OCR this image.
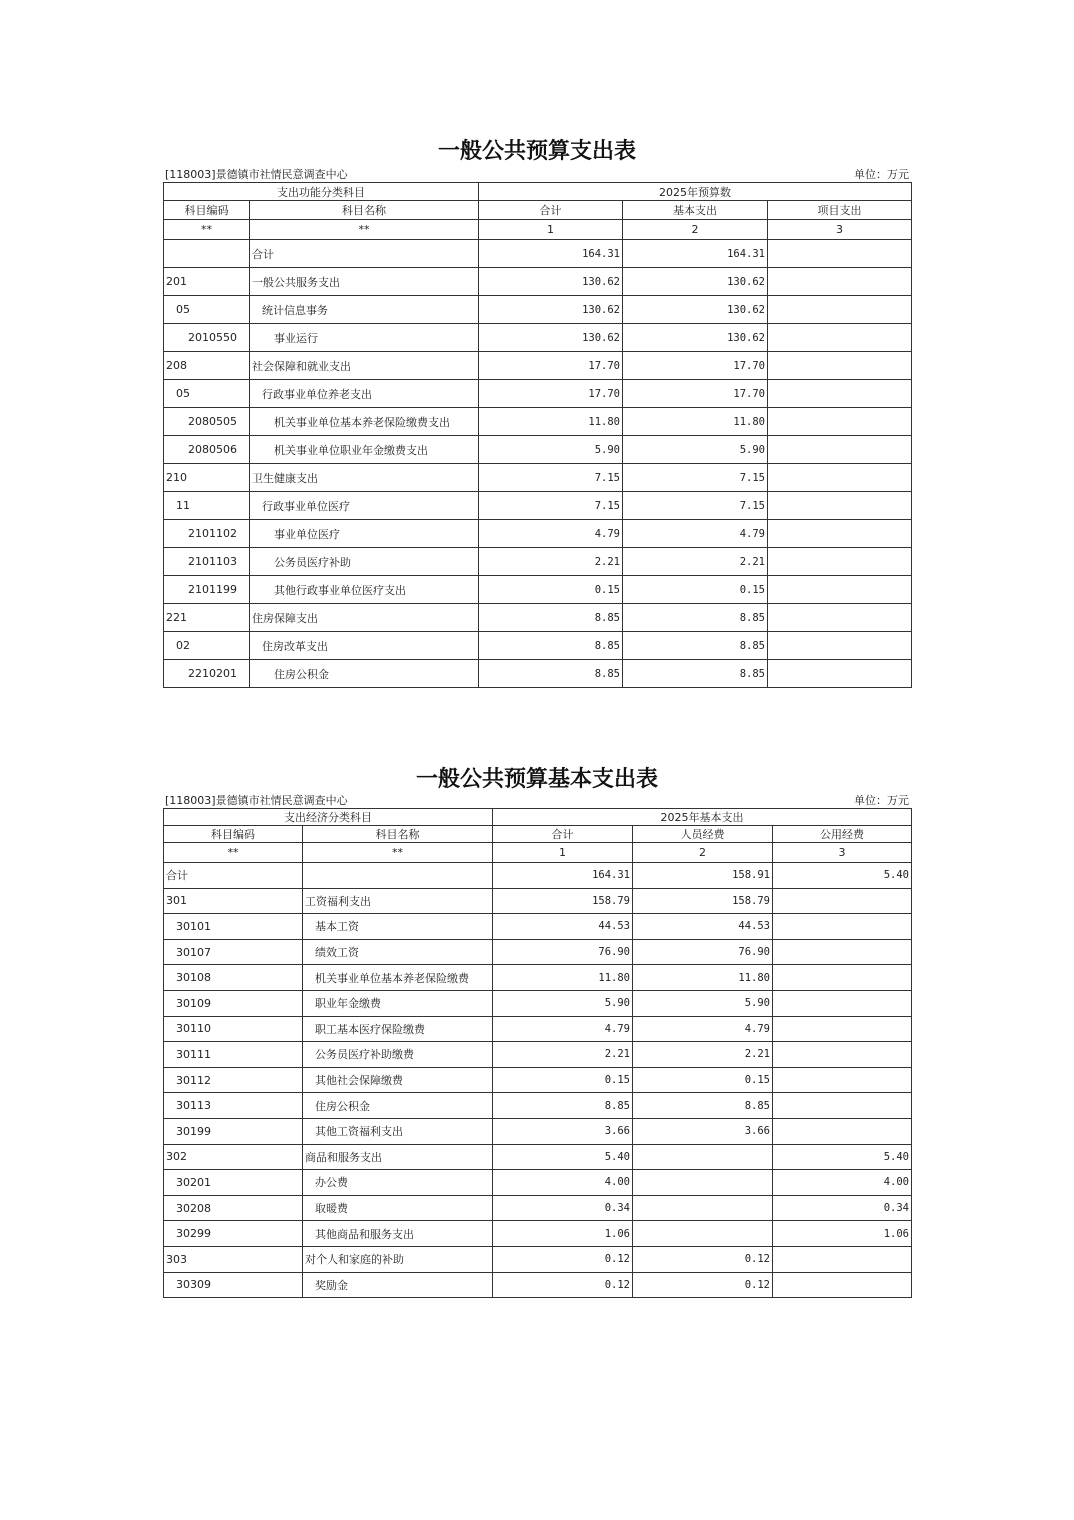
一般公共预算支出表
[118003]景德镇市社情民意调查中心	单位：万元
支出功能分类科目		2025年预算数		
科目编码	科目名称	合计	基本支出	项目支出
**	**	1	2	3
	合计	164.31	164.31	
201	一般公共服务支出	130.62	130.62	
05	统计信息事务	130.62	130.62	
2010550	事业运行	130.62	130.62	
208	社会保障和就业支出	17.70	17.70	
05	行政事业单位养老支出	17.70	17.70	
2080505	机关事业单位基本养老保险缴费支出	11.80	11.80	
2080506	机关事业单位职业年金缴费支出	5.90	5.90	
210	卫生健康支出	7.15	7.15	
11	行政事业单位医疗	7.15	7.15	
2101102	事业单位医疗	4.79	4.79	
2101103	公务员医疗补助	2.21	2.21	
2101199	其他行政事业单位医疗支出	0.15	0.15	
221	住房保障支出	8.85	8.85	
02	住房改革支出	8.85	8.85	
2210201	住房公积金	8.85	8.85	
一般公共预算基本支出表
[118003]景德镇市社情民意调查中心	单位：万元
支出经济分类科目		2025年基本支出		
科目编码	科目名称	合计	人员经费	公用经费
**	**	1	2	3
合计		164.31	158.91	5.40
301	工资福利支出	158.79	158.79	
30101	基本工资	44.53	44.53	
30107	绩效工资	76.90	76.90	
30108	机关事业单位基本养老保险缴费	11.80	11.80	
30109	职业年金缴费	5.90	5.90	
30110	职工基本医疗保险缴费	4.79	4.79	
30111	公务员医疗补助缴费	2.21	2.21	
30112	其他社会保障缴费	0.15	0.15	
30113	住房公积金	8.85	8.85	
30199	其他工资福利支出	3.66	3.66	
302	商品和服务支出	5.40		5.40
30201	办公费	4.00		4.00
30208	取暖费	0.34		0.34
30299	其他商品和服务支出	1.06		1.06
303	对个人和家庭的补助	0.12	0.12	
30309	奖励金	0.12	0.12	
